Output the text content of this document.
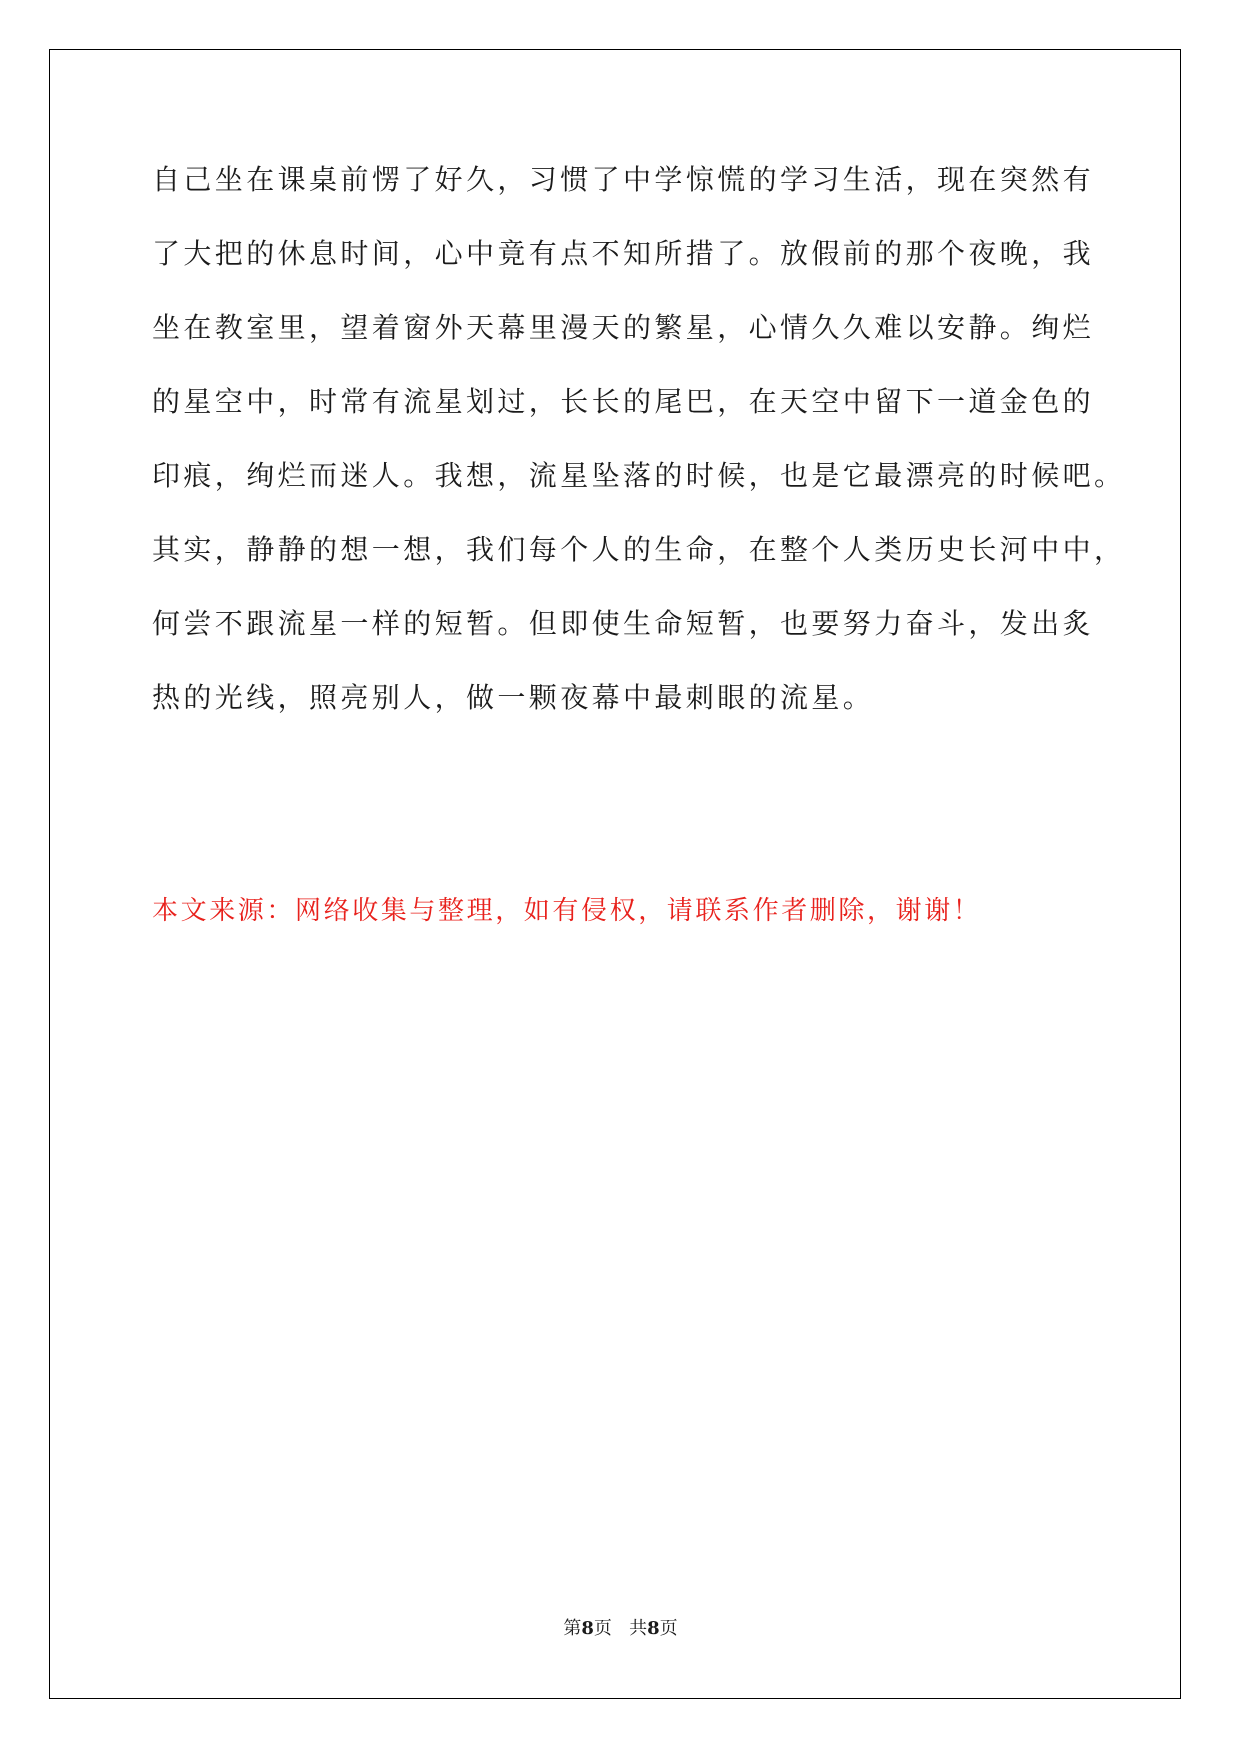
自己坐在课桌前愣了好久，习惯了中学惊慌的学习生活，现在突然有
了大把的休息时间，心中竟有点不知所措了。放假前的那个夜晚，我
坐在教室里，望着窗外天幕里漫天的繁星，心情久久难以安静。绚烂
的星空中，时常有流星划过，长长的尾巴，在天空中留下一道金色的
印痕，绚烂而迷人。我想，流星坠落的时候，也是它最漂亮的时候吧。
其实，静静的想一想，我们每个人的生命，在整个人类历史长河中中，
何尝不跟流星一样的短暂。但即使生命短暂，也要努力奋斗，发出炙
热的光线，照亮别人，做一颗夜幕中最刺眼的流星。
本文来源：网络收集与整理，如有侵权，请联系作者删除，谢谢！
第8页 共8页
